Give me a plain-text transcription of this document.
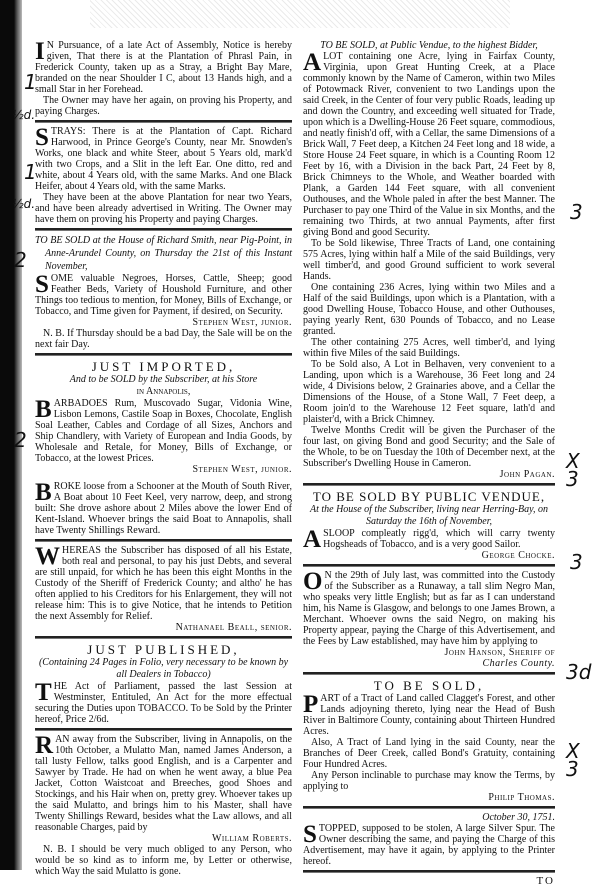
1
½d.
1
½d.
2
2
3
X 3
3
3d
X 3

I N Pursuance, of a late Act of Assembly, Notice is hereby given, That there is at the Plantation of Phrasl Pain, in Frederick County, taken up as a Stray, a Bright Bay Mare, branded on the near Shoulder I C, about 13 Hands high, and a small Star in her Forehead.

The Owner may have her again, on proving his Property, and paying Charges.

STRAYS: There is at the Plantation of Capt. Richard Harwood, in Prince George's County, near Mr. Snowden's Works, one black and white Steer, about 5 Years old, mark'd with two Crops, and a Slit in the left Ear. One ditto, red and white, about 4 Years old, with the same Marks. And one Black Heifer, about 4 Years old, with the same Marks.

They have been at the above Plantation for near two Years, and have been already advertised in Writing. The Owner may have them on proving his Property and paying Charges.

TO BE SOLD at the House of Richard Smith, near Pig-Point, in Anne-Arundel County, on Thursday the 21st of this Instant November,

SOME valuable Negroes, Horses, Cattle, Sheep; good Feather Beds, Variety of Houshold Furniture, and other Things too tedious to mention, for Money, Bills of Exchange, or Tobacco, and Time given for Payment, if desired, on Security.

Stephen West, junior.

N. B. If Thursday should be a bad Day, the Sale will be on the next fair Day.

JUST IMPORTED,
And to be SOLD by the Subscriber, at his Store
in Annapolis,

BARBADOES Rum, Muscovado Sugar, Vidonia Wine, Lisbon Lemons, Castile Soap in Boxes, Chocolate, English Soal Leather, Cables and Cordage of all Sizes, Anchors and Ship Chandlery, with Variety of European and India Goods, by Wholesale and Retale, for Money, Bills of Exchange, or Tobacco, at the lowest Prices.

Stephen West, junior.

BROKE loose from a Schooner at the Mouth of South River, A Boat about 10 Feet Keel, very narrow, deep, and strong built: She drove ashore about 2 Miles above the lower End of Kent-Island. Whoever brings the said Boat to Annapolis, shall have Twenty Shillings Reward.

WHEREAS the Subscriber has disposed of all his Estate, both real and personal, to pay his just Debts, and several are still unpaid, for which he has been this eight Months in the Custody of the Sheriff of Frederick County; and altho' he has often applied to his Creditors for his Enlargement, they will not release him: This is to give Notice, that he intends to Petition the next Assembly for Relief.

Nathanael Beall, senior.
JUST PUBLISHED,
(Containing 24 Pages in Folio, very necessary to be known by all Dealers in Tobacco)

THE Act of Parliament, passed the last Session at Westminster, Entituled, An Act for the more effectual securing the Duties upon TOBACCO. To be Sold by the Printer hereof, Price 2/6d.

RAN away from the Subscriber, living in Annapolis, on the 10th October, a Mulatto Man, named James Anderson, a tall lusty Fellow, talks good English, and is a Carpenter and Sawyer by Trade. He had on when he went away, a blue Pea Jacket, Cotton Waistcoat and Breeches, good Shoes and Stockings, and his Hair when on, pretty grey. Whoever takes up the said Mulatto, and brings him to his Master, shall have Twenty Shillings Reward, besides what the Law allows, and all reasonable Charges, paid by

William Roberts.

N. B. I should be very much obliged to any Person, who would be so kind as to inform me, by Letter or otherwise, which Way the said Mulatto is gone.

TO BE SOLD, at Public Vendue, to the highest Bidder,

ALOT containing one Acre, lying in Fairfax County, Virginia, upon Great Hunting Creek, at a Place commonly known by the Name of Cameron, within two Miles of Potowmack River, convenient to two Landings upon the said Creek, in the Center of four very public Roads, leading up and down the Country, and exceeding well situated for Trade, upon which is a Dwelling-House 26 Feet square, commodious, and neatly finish'd off, with a Cellar, the same Dimensions of a Brick Wall, 7 Feet deep, a Kitchen 24 Feet long and 18 wide, a Store House 24 Feet square, in which is a Counting Room 12 Feet by 16, with a Division in the back Part, 24 Feet by 8, Brick Chimneys to the Whole, and Weather boarded with Plank, a Garden 144 Feet square, with all convenient Outhouses, and the Whole paled in after the best Manner. The Purchaser to pay one Third of the Value in six Months, and the remaining two Thirds, at two annual Payments, after first giving Bond and good Security.

To be Sold likewise, Three Tracts of Land, one containing 575 Acres, lying within half a Mile of the said Buildings, very well timber'd, and good Ground sufficient to work several Hands.

One containing 236 Acres, lying within two Miles and a Half of the said Buildings, upon which is a Plantation, with a good Dwelling House, Tobacco House, and other Outhouses, paying yearly Rent, 630 Pounds of Tobacco, and no Lease granted.

The other containing 275 Acres, well timber'd, and lying within five Miles of the said Buildings.

To be Sold also, A Lot in Belhaven, very convenient to a Landing, upon which is a Warehouse, 36 Feet long and 24 wide, 4 Divisions below, 2 Grainaries above, and a Cellar the Dimensions of the House, of a Stone Wall, 7 Feet deep, a Room join'd to the Warehouse 12 Feet square, lath'd and plaister'd, with a Brick Chimney.

Twelve Months Credit will be given the Purchaser of the four last, on giving Bond and good Security; and the Sale of the Whole, to be on Tuesday the 10th of December next, at the Subscriber's Dwelling House in Cameron.

John Pagan.
TO BE SOLD BY PUBLIC VENDUE,
At the House of the Subscriber, living near Herring-Bay, on
Saturday the 16th of November,

ASLOOP compleatly rigg'd, which will carry twenty Hogsheads of Tobacco, and is a very good Sailor.

George Chocke.

O N the 29th of July last, was committed into the Custody of the Subscriber as a Runaway, a tall slim Negro Man, who speaks very little English; but as far as I can understand him, his Name is Glasgow, and belongs to one James Brown, a Merchant. Whoever owns the said Negro, on making his Property appear, paying the Charge of this Advertisement, and the Fees by Law established, may have him by applying to

John Hanson, Sheriff of
Charles County.
TO BE SOLD,

PART of a Tract of Land called Clagget's Forest, and other Lands adjoyning thereto, lying near the Head of Bush River in Baltimore County, containing about Thirteen Hundred Acres.

Also, A Tract of Land lying in the said County, near the Branches of Deer Creek, called Bond's Gratuity, containing Four Hundred Acres.

Any Person inclinable to purchase may know the Terms, by applying to

Philip Thomas.
October 30, 1751.

STOPPED, supposed to be stolen, A large Silver Spur. The Owner describing the same, and paying the Charge of this Advertisement, may have it again, by applying to the Printer hereof.

TO
